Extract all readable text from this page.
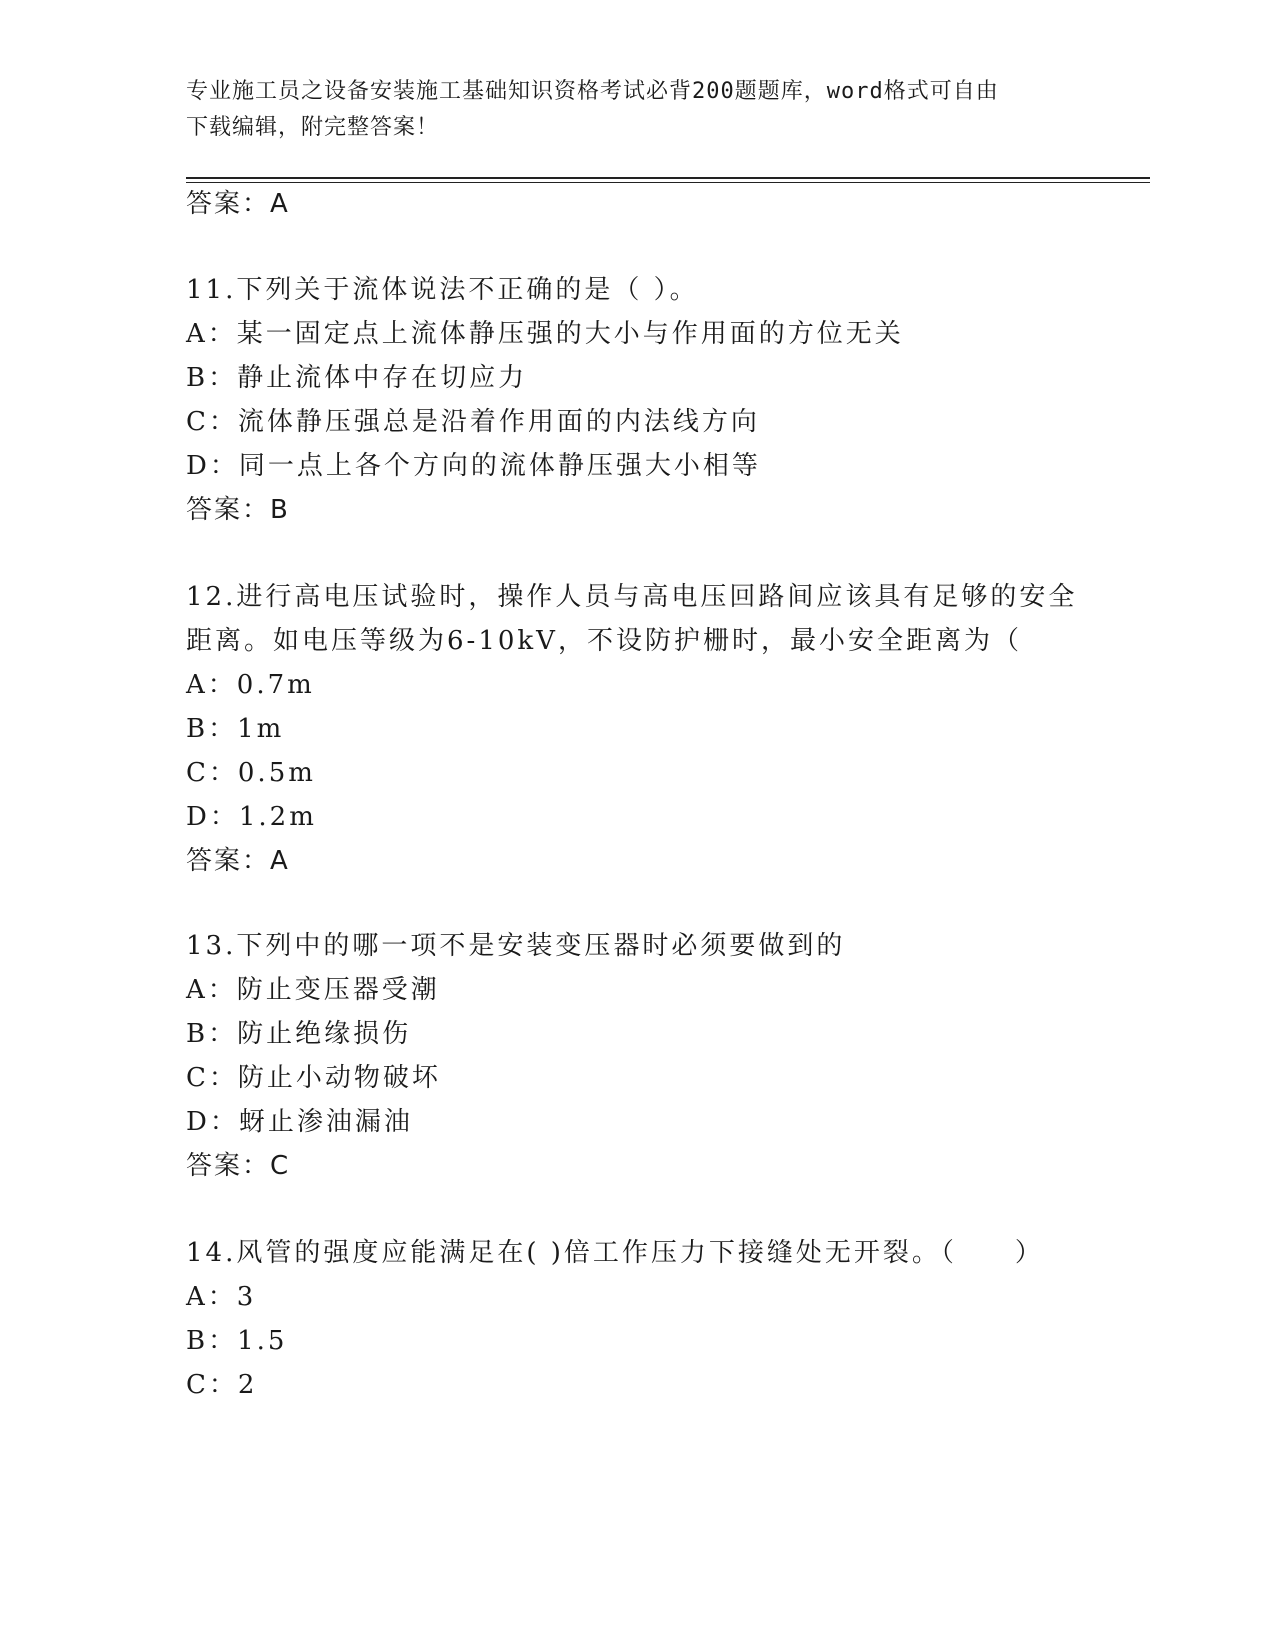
专业施工员之设备安装施工基础知识资格考试必背200题题库，word格式可自由
下载编辑，附完整答案！
答案：A
11.下列关于流体说法不正确的是（ ）。
A：某一固定点上流体静压强的大小与作用面的方位无关
B：静止流体中存在切应力
C：流体静压强总是沿着作用面的内法线方向
D：同一点上各个方向的流体静压强大小相等
答案：B
12.进行高电压试验时，操作人员与高电压回路间应该具有足够的安全
距离。如电压等级为6-10kV，不设防护栅时，最小安全距离为（
A：0.7m
B：1m
C：0.5m
D：1.2m
答案：A
13.下列中的哪一项不是安装变压器时必须要做到的
A：防止变压器受潮
B：防止绝缘损伤
C：防止小动物破坏
D：蚜止渗油漏油
答案：C
14.风管的强度应能满足在( )倍工作压力下接缝处无开裂。（　　）
A：3
B：1.5
C：2
